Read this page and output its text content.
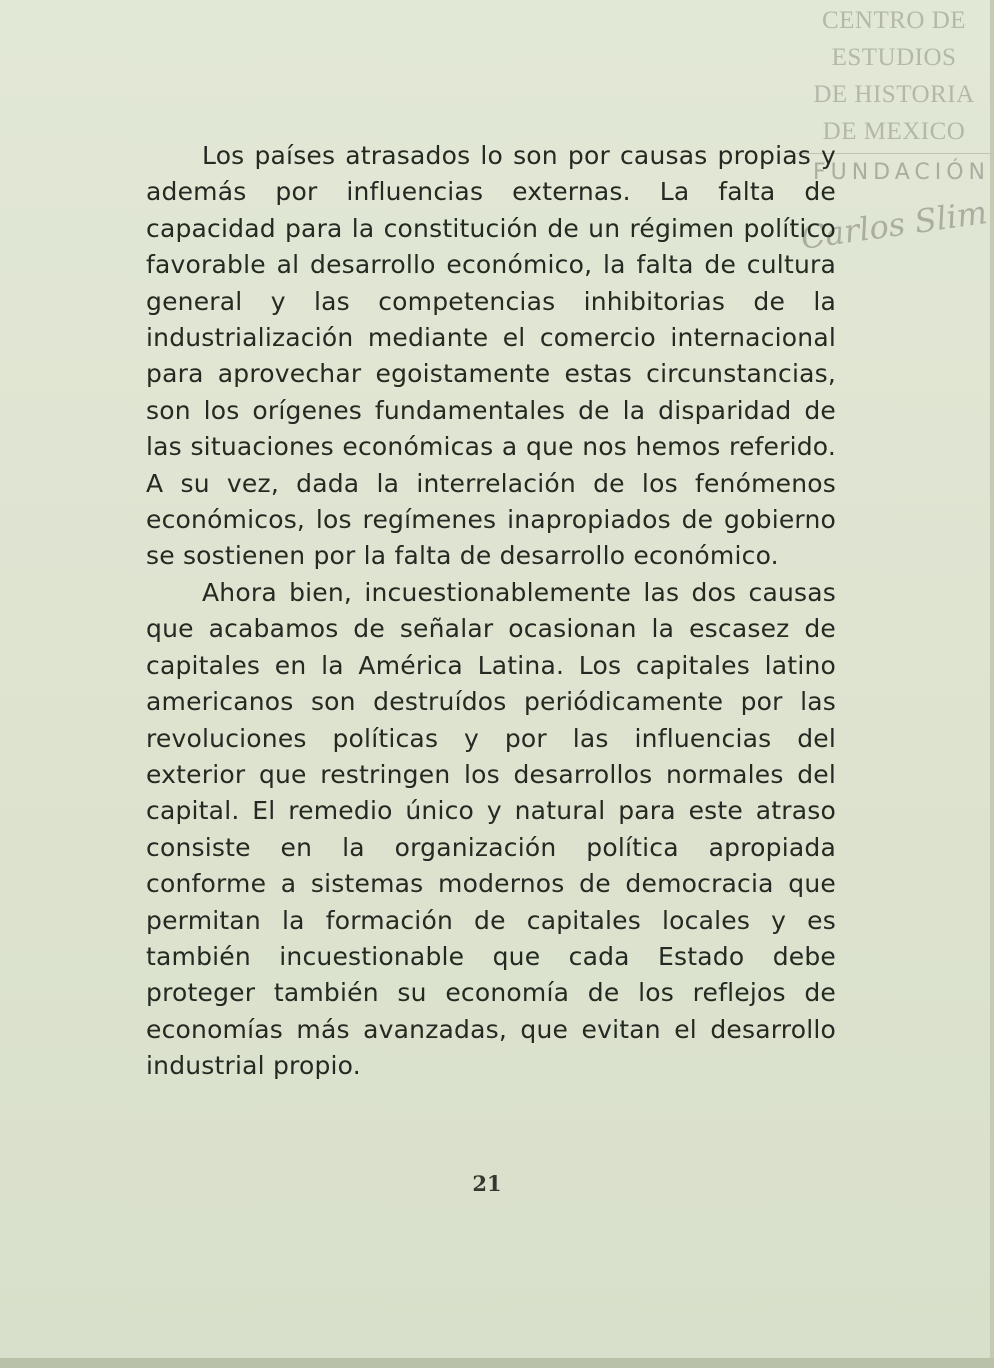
CENTRO DE
ESTUDIOS
DE HISTORIA
DE MEXICO
FUNDACIÓN
Carlos Slim

Los países atrasados lo son por causas propias y además por influencias externas. La falta de capacidad para la constitución de un régimen político favorable al desarrollo económico, la falta de cultura general y las competencias inhibitorias de la industrialización mediante el comercio internacional para aprovechar egoistamente estas circunstancias, son los orígenes fundamentales de la disparidad de las situaciones económicas a que nos hemos referido. A su vez, dada la interrelación de los fenómenos económicos, los regímenes inapropiados de gobierno se sostienen por la falta de desarrollo económico.

Ahora bien, incuestionablemente las dos causas que acabamos de señalar ocasionan la escasez de capitales en la América Latina. Los capitales latino americanos son destruídos periódicamente por las revoluciones políticas y por las influencias del exterior que restringen los desarrollos normales del capital. El remedio único y natural para este atraso consiste en la organización política apropiada conforme a sistemas modernos de democracia que permitan la formación de capitales locales y es también incuestionable que cada Estado debe proteger también su economía de los reflejos de economías más avanzadas, que evitan el desarrollo industrial propio.

21
